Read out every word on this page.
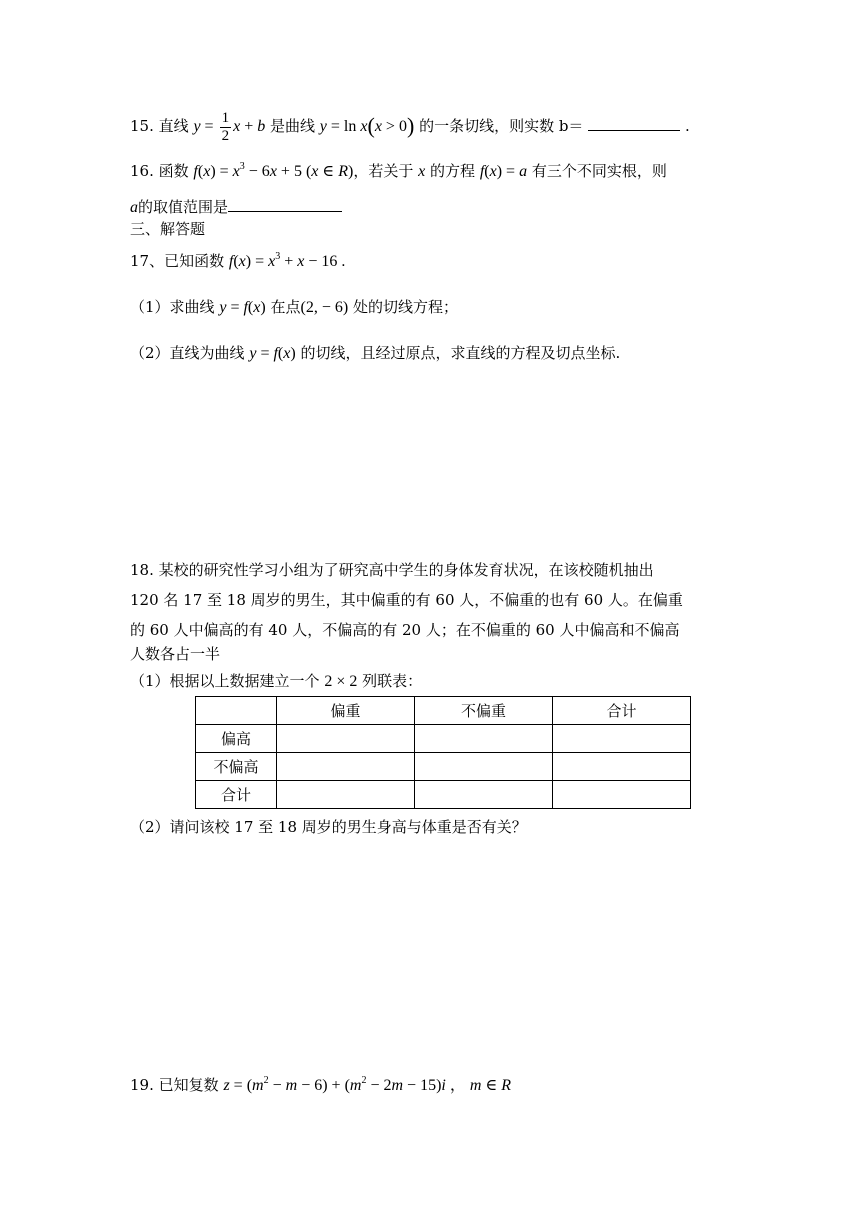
15. 直线 $y = \frac{1}{2}$ x + b 是曲线 y = ln x(x > 0) 的一条切线，则实数 b＝	.
16. 函数 $f(x) = x^3 - 6x + 5$ (x ∈ R)，若关于 x 的方程 f(x) = a 有三个不同实根，则
a的取值范围是
三、解答题
17、已知函数 $f(x) = x^3 + x - 16$ .
（1）求曲线 y = f(x) 在点(2, − 6) 处的切线方程；
（2）直线为曲线 y = f(x) 的切线，且经过原点，求直线的方程及切点坐标.
18. 某校的研究性学习小组为了研究高中学生的身体发育状况，在该校随机抽出
120 名 17 至 18 周岁的男生，其中偏重的有 60 人，不偏重的也有 60 人。在偏重
的 60 人中偏高的有 40 人，不偏高的有 20 人；在不偏重的 60 人中偏高和不偏高
人数各占一半
（1）根据以上数据建立一个 2 × 2 列联表：
	偏重	不偏重	合计
偏高			
不偏高			
合计			
（2）请问该校 17 至 18 周岁的男生身高与体重是否有关？
19. 已知复数 $z = (m^2 - m - 6) + (m^2 - 2m - 15)i$ ， m ∈ R
